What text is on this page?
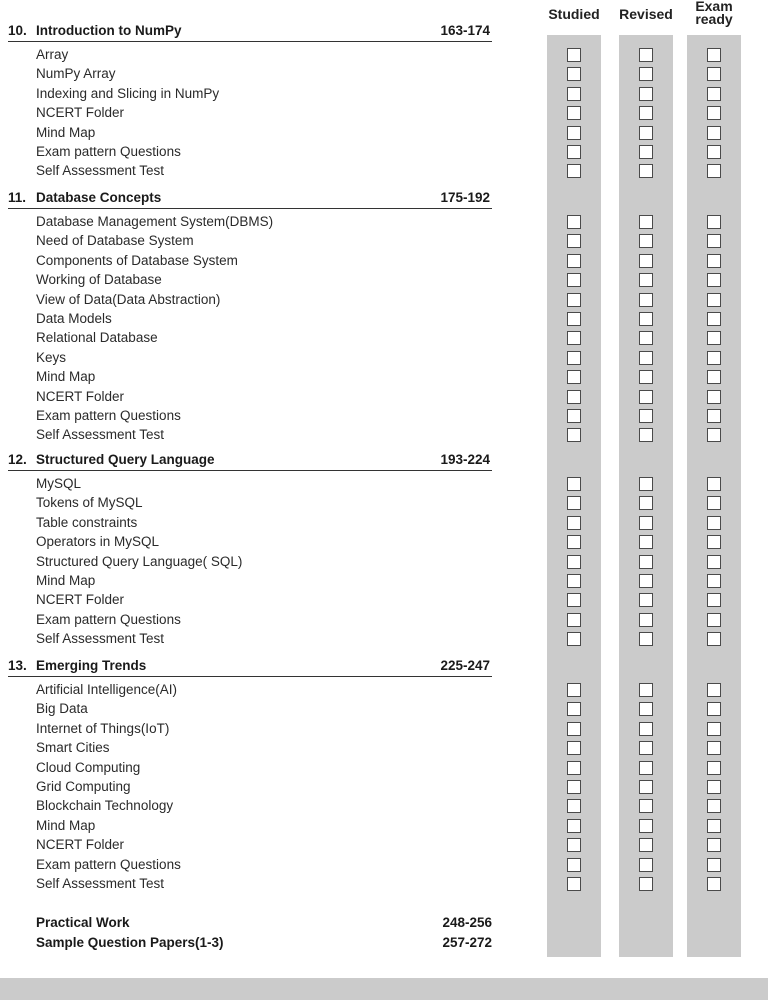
Studied	Revised	Exam
ready
10. Introduction to NumPy	163-174
Array
NumPy Array
Indexing and Slicing in NumPy
NCERT Folder
Mind Map
Exam pattern Questions
Self Assessment Test
11. Database Concepts	175-192
Database Management System(DBMS)
Need of Database System
Components of Database System
Working of Database
View of Data(Data Abstraction)
Data Models
Relational Database
Keys
Mind Map
NCERT Folder
Exam pattern Questions
Self Assessment Test
12. Structured Query Language	193-224
MySQL
Tokens of MySQL
Table constraints
Operators in MySQL
Structured Query Language( SQL)
Mind Map
NCERT Folder
Exam pattern Questions
Self Assessment Test
13. Emerging Trends	225-247
Artificial Intelligence(AI)
Big Data
Internet of Things(IoT)
Smart Cities
Cloud Computing
Grid Computing
Blockchain Technology
Mind Map
NCERT Folder
Exam pattern Questions
Self Assessment Test
Practical Work	248-256
Sample Question Papers(1-3)	257-272
